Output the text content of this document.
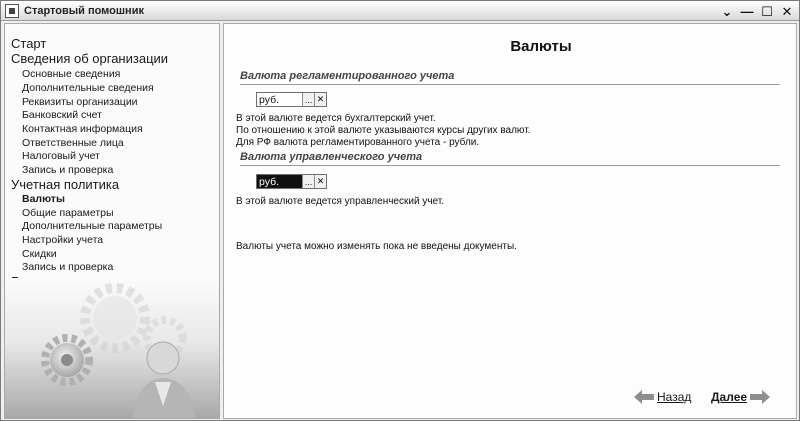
Стартовый помошник	⌄ — ☐ ✕
Старт
Сведения об организации
Основные сведения
Дополнительные сведения
Реквизиты организации
Банковский счет
Контактная информация
Ответственные лица
Налоговый учет
Запись и проверка
Учетная политика
Валюты
Общие параметры
Дополнительные параметры
Настройки учета
Скидки
Запись и проверка
Валюты
Валюта регламентированного учета
руб.
... ✕
В этой валюте ведется бухгалтерский учет.
По отношению к этой валюте указываются курсы других валют.
Для РФ валюта регламентированного учета - рубли.
Валюта управленческого учета
руб.
... ✕
В этой валюте ведется управленческий учет.
Валюты учета можно изменять пока не введены документы.
Назад Далее
